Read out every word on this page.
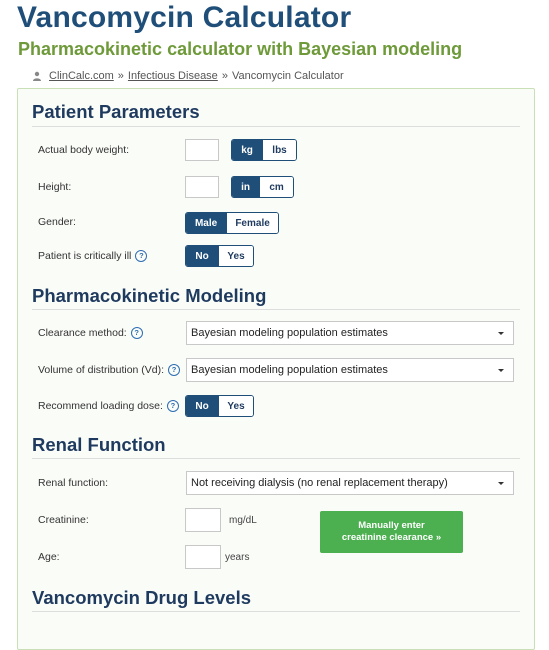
Vancomycin Calculator
Pharmacokinetic calculator with Bayesian modeling
ClinCalc.com » Infectious Disease » Vancomycin Calculator
Patient Parameters
Actual body weight:	kg	lbs
Height:	in	cm
Gender:	Male	Female
Patient is critically ill	?	No	Yes
Pharmacokinetic Modeling
Clearance method:	?	Bayesian modeling population estimates
Volume of distribution (Vd):	?	Bayesian modeling population estimates
Recommend loading dose:	?	No	Yes
Renal Function
Renal function:	Not receiving dialysis (no renal replacement therapy)
Creatinine:	mg/dL	Manually enter
creatinine clearance »
Age:	years
Vancomycin Drug Levels
